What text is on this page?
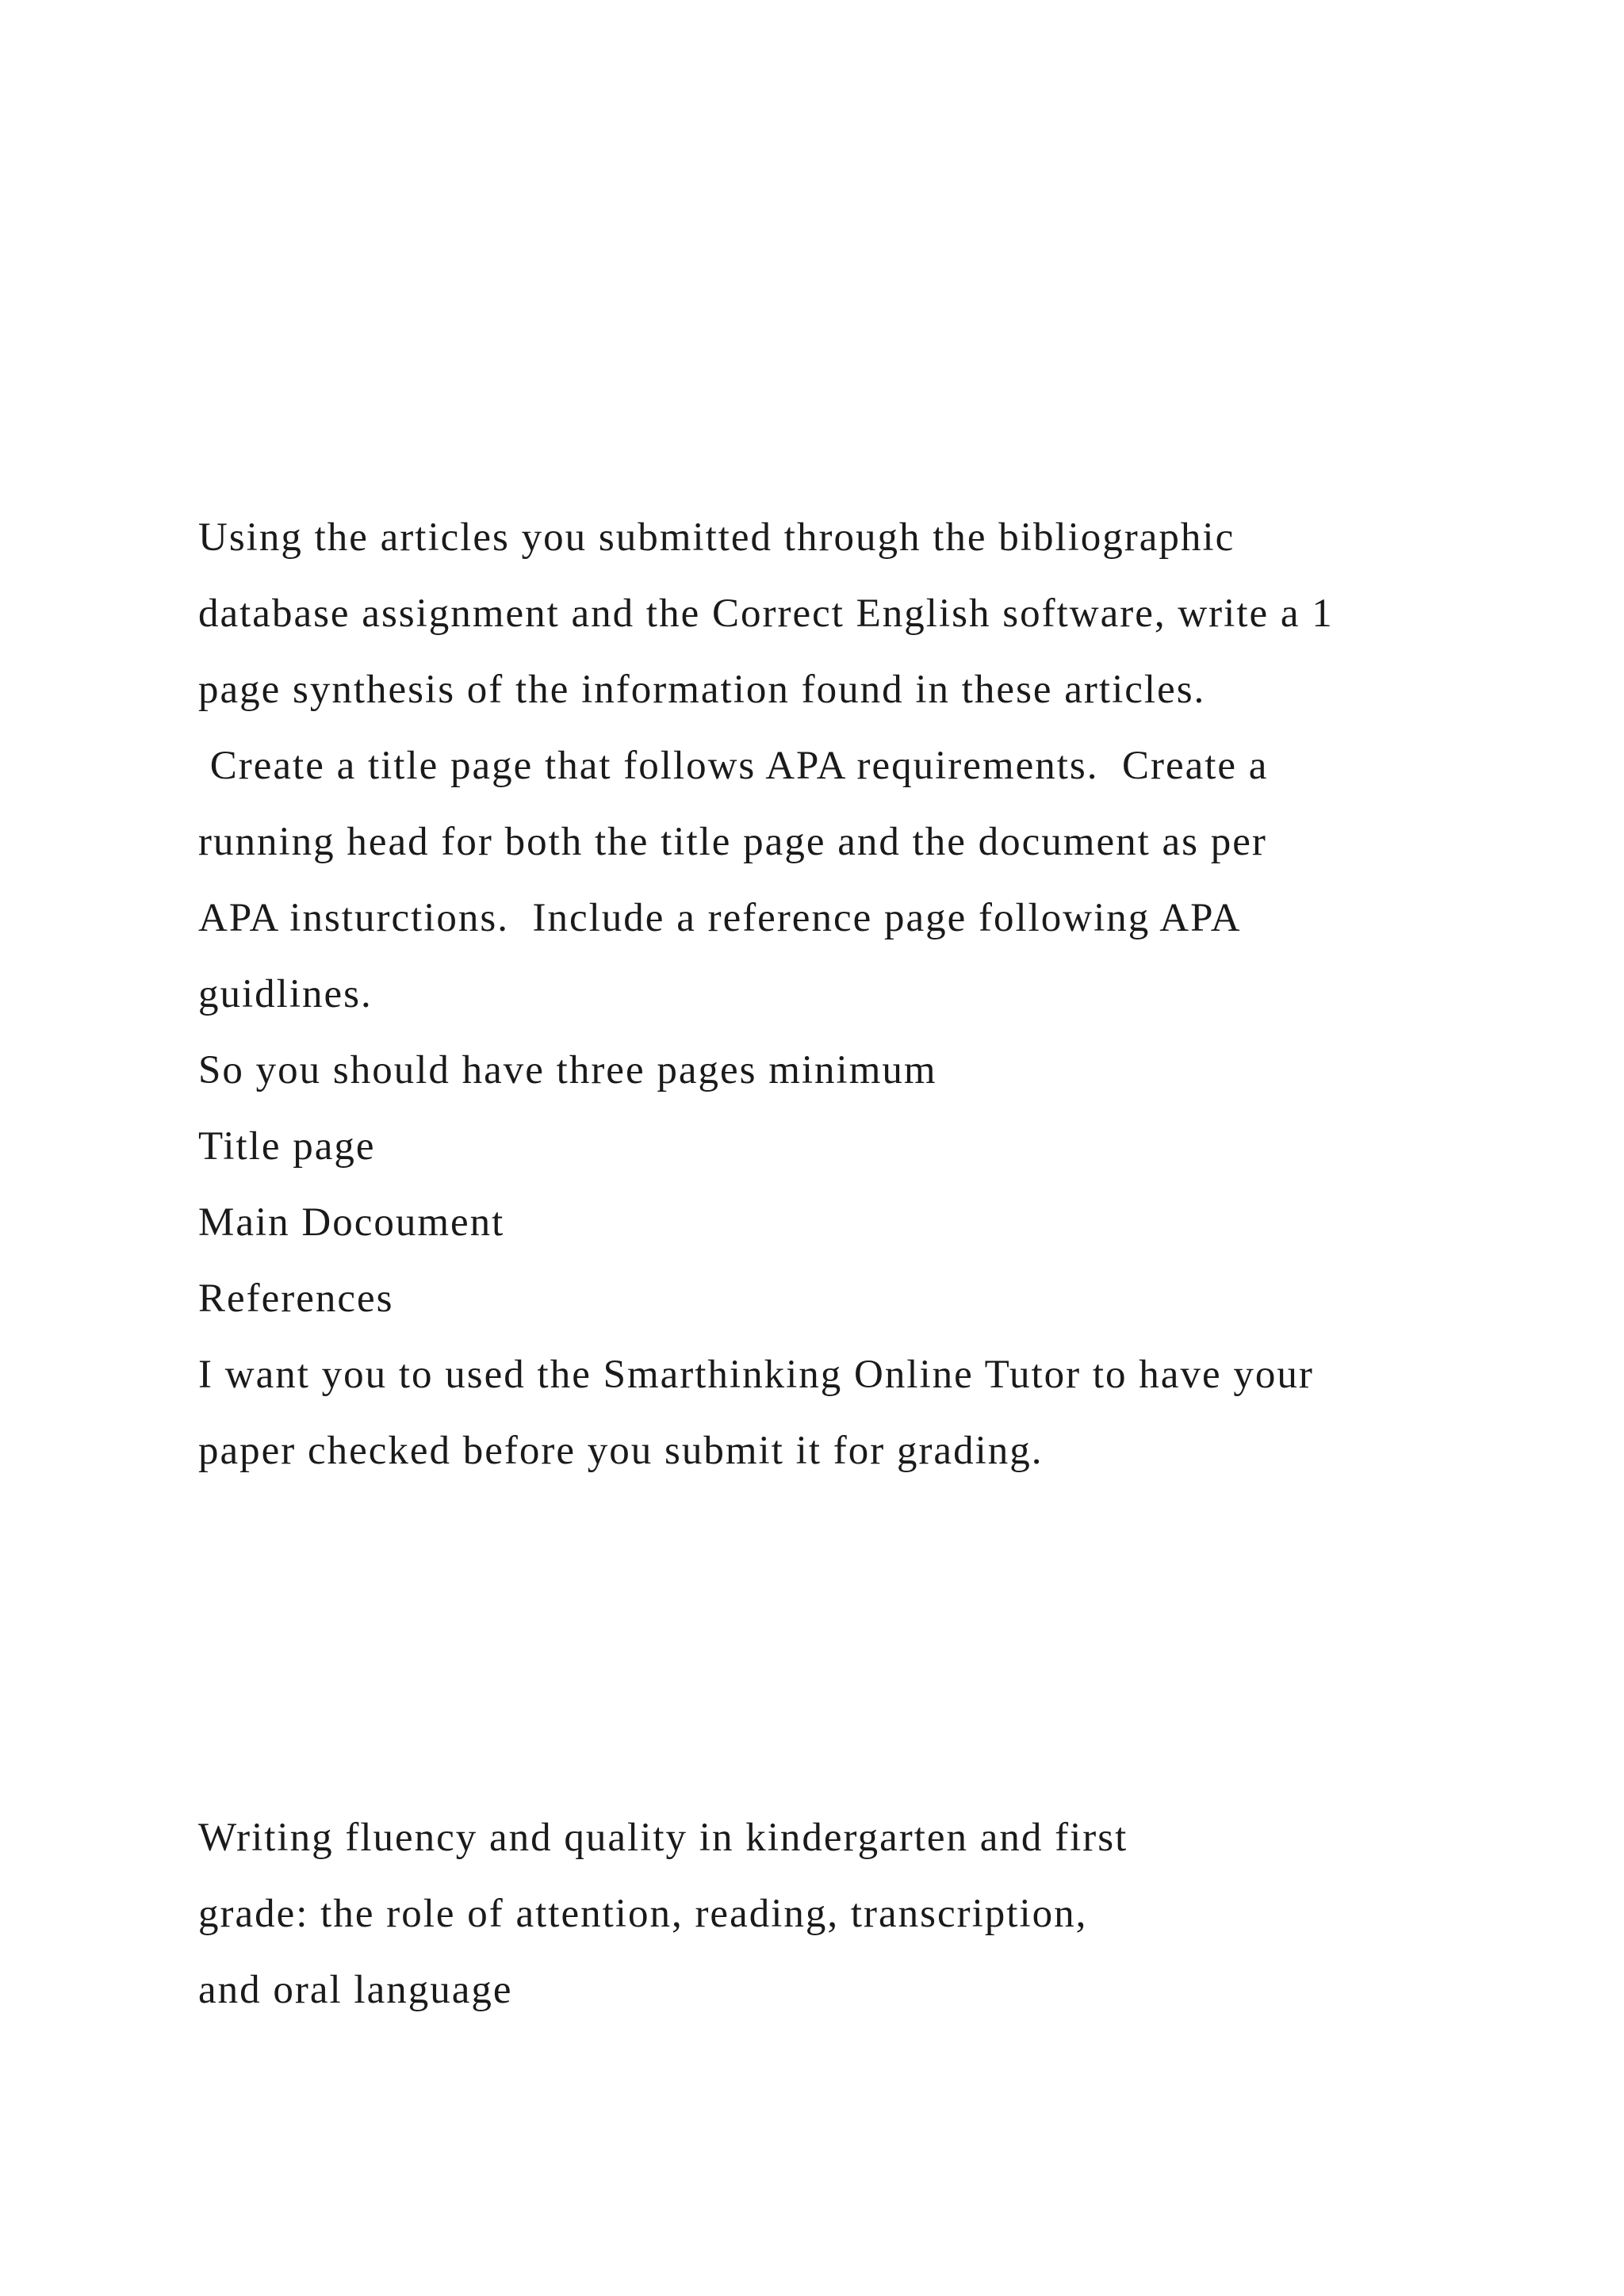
Using the articles you submitted through the bibliographic
database assignment and the Correct English software, write a 1
page synthesis of the information found in these articles.
Create a title page that follows APA requirements.  Create a
running head for both the title page and the document as per
APA insturctions.  Include a reference page following APA
guidlines.
So you should have three pages minimum
Title page
Main Docoument
References
I want you to used the Smarthinking Online Tutor to have your
paper checked before you submit it for grading.
Writing fluency and quality in kindergarten and first
grade: the role of attention, reading, transcription,
and oral language
